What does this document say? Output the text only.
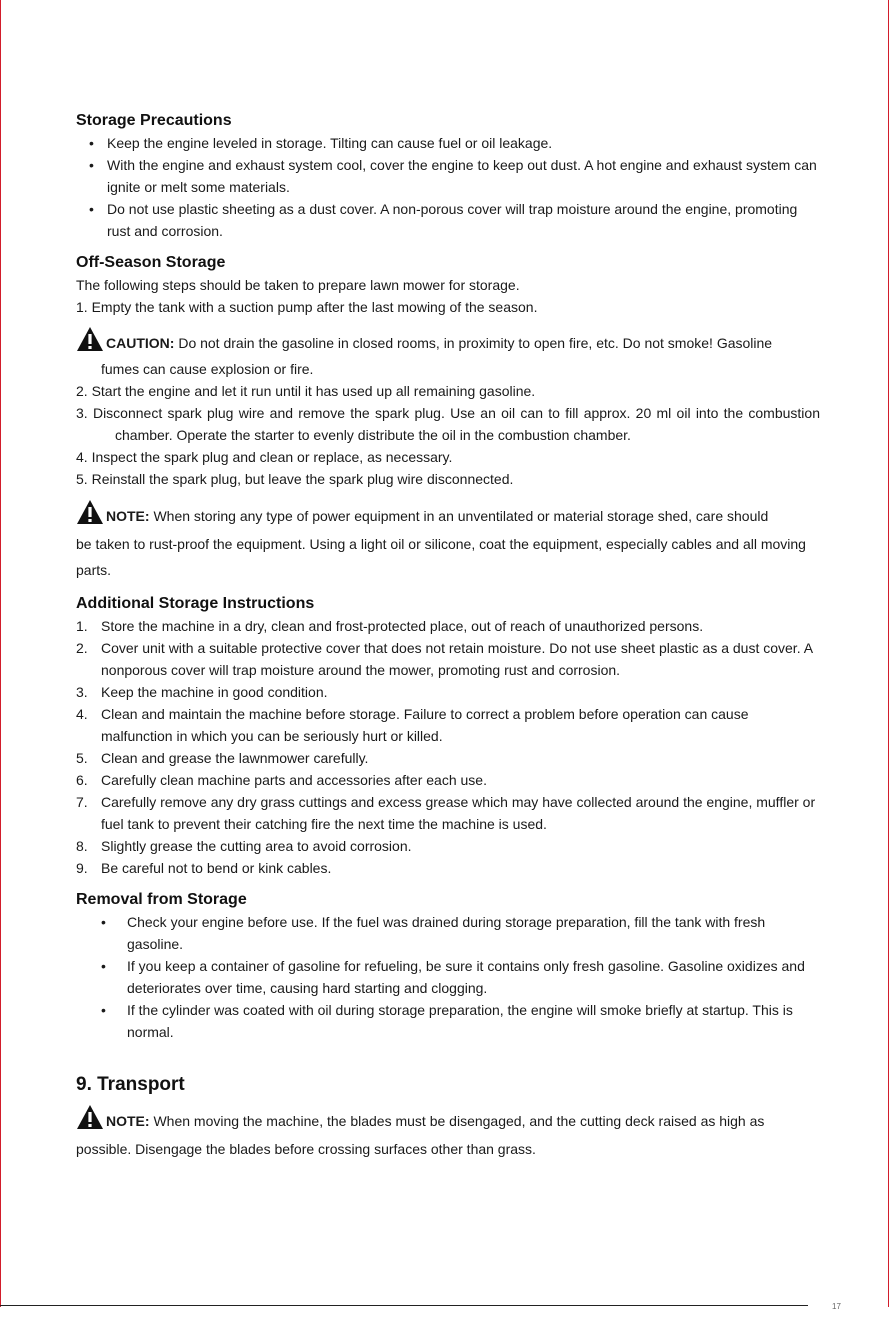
Storage Precautions
• Keep the engine leveled in storage. Tilting can cause fuel or oil leakage.
• With the engine and exhaust system cool, cover the engine to keep out dust. A hot engine and exhaust system can ignite or melt some materials.
• Do not use plastic sheeting as a dust cover. A non-porous cover will trap moisture around the engine, promoting rust and corrosion.
Off-Season Storage

The following steps should be taken to prepare lawn mower for storage.

1. Empty the tank with a suction pump after the last mowing of the season.

CAUTION: Do not drain the gasoline in closed rooms, in proximity to open fire, etc. Do not smoke! Gasoline

fumes can cause explosion or fire.

2. Start the engine and let it run until it has used up all remaining gasoline.
3. Disconnect spark plug wire and remove the spark plug. Use an oil can to fill approx. 20 ml oil into the combustion chamber. Operate the starter to evenly distribute the oil in the combustion chamber.
4. Inspect the spark plug and clean or replace, as necessary.
5. Reinstall the spark plug, but leave the spark plug wire disconnected.
NOTE: When storing any type of power equipment in an unventilated or material storage shed, care should

be taken to rust-proof the equipment. Using a light oil or silicone, coat the equipment, especially cables and all moving parts.

Additional Storage Instructions
1. Store the machine in a dry, clean and frost-protected place, out of reach of unauthorized persons.
2. Cover unit with a suitable protective cover that does not retain moisture. Do not use sheet plastic as a dust cover. A nonporous cover will trap moisture around the mower, promoting rust and corrosion.
3. Keep the machine in good condition.
4. Clean and maintain the machine before storage. Failure to correct a problem before operation can cause malfunction in which you can be seriously hurt or killed.
5. Clean and grease the lawnmower carefully.
6. Carefully clean machine parts and accessories after each use.
7. Carefully remove any dry grass cuttings and excess grease which may have collected around the engine, muffler or fuel tank to prevent their catching fire the next time the machine is used.
8. Slightly grease the cutting area to avoid corrosion.
9. Be careful not to bend or kink cables.
Removal from Storage
• Check your engine before use. If the fuel was drained during storage preparation, fill the tank with fresh gasoline.
• If you keep a container of gasoline for refueling, be sure it contains only fresh gasoline. Gasoline oxidizes and deteriorates over time, causing hard starting and clogging.
• If the cylinder was coated with oil during storage preparation, the engine will smoke briefly at startup. This is normal.
9. Transport
NOTE: When moving the machine, the blades must be disengaged, and the cutting deck raised as high as

possible. Disengage the blades before crossing surfaces other than grass.

17
